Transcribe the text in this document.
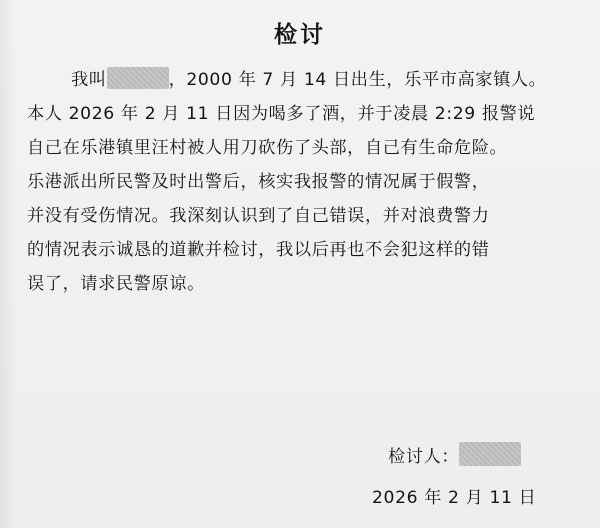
检讨
我叫	，2000 年 7 月 14 日出生，乐平市高家镇人。
本人 2026 年 2 月 11 日因为喝多了酒，并于凌晨 2:29 报警说
自己在乐港镇里汪村被人用刀砍伤了头部，自己有生命危险。
乐港派出所民警及时出警后，核实我报警的情况属于假警，
并没有受伤情况。我深刻认识到了自己错误，并对浪费警力
的情况表示诚恳的道歉并检讨，我以后再也不会犯这样的错
误了，请求民警原谅。
检讨人：
2026 年 2 月 11 日
